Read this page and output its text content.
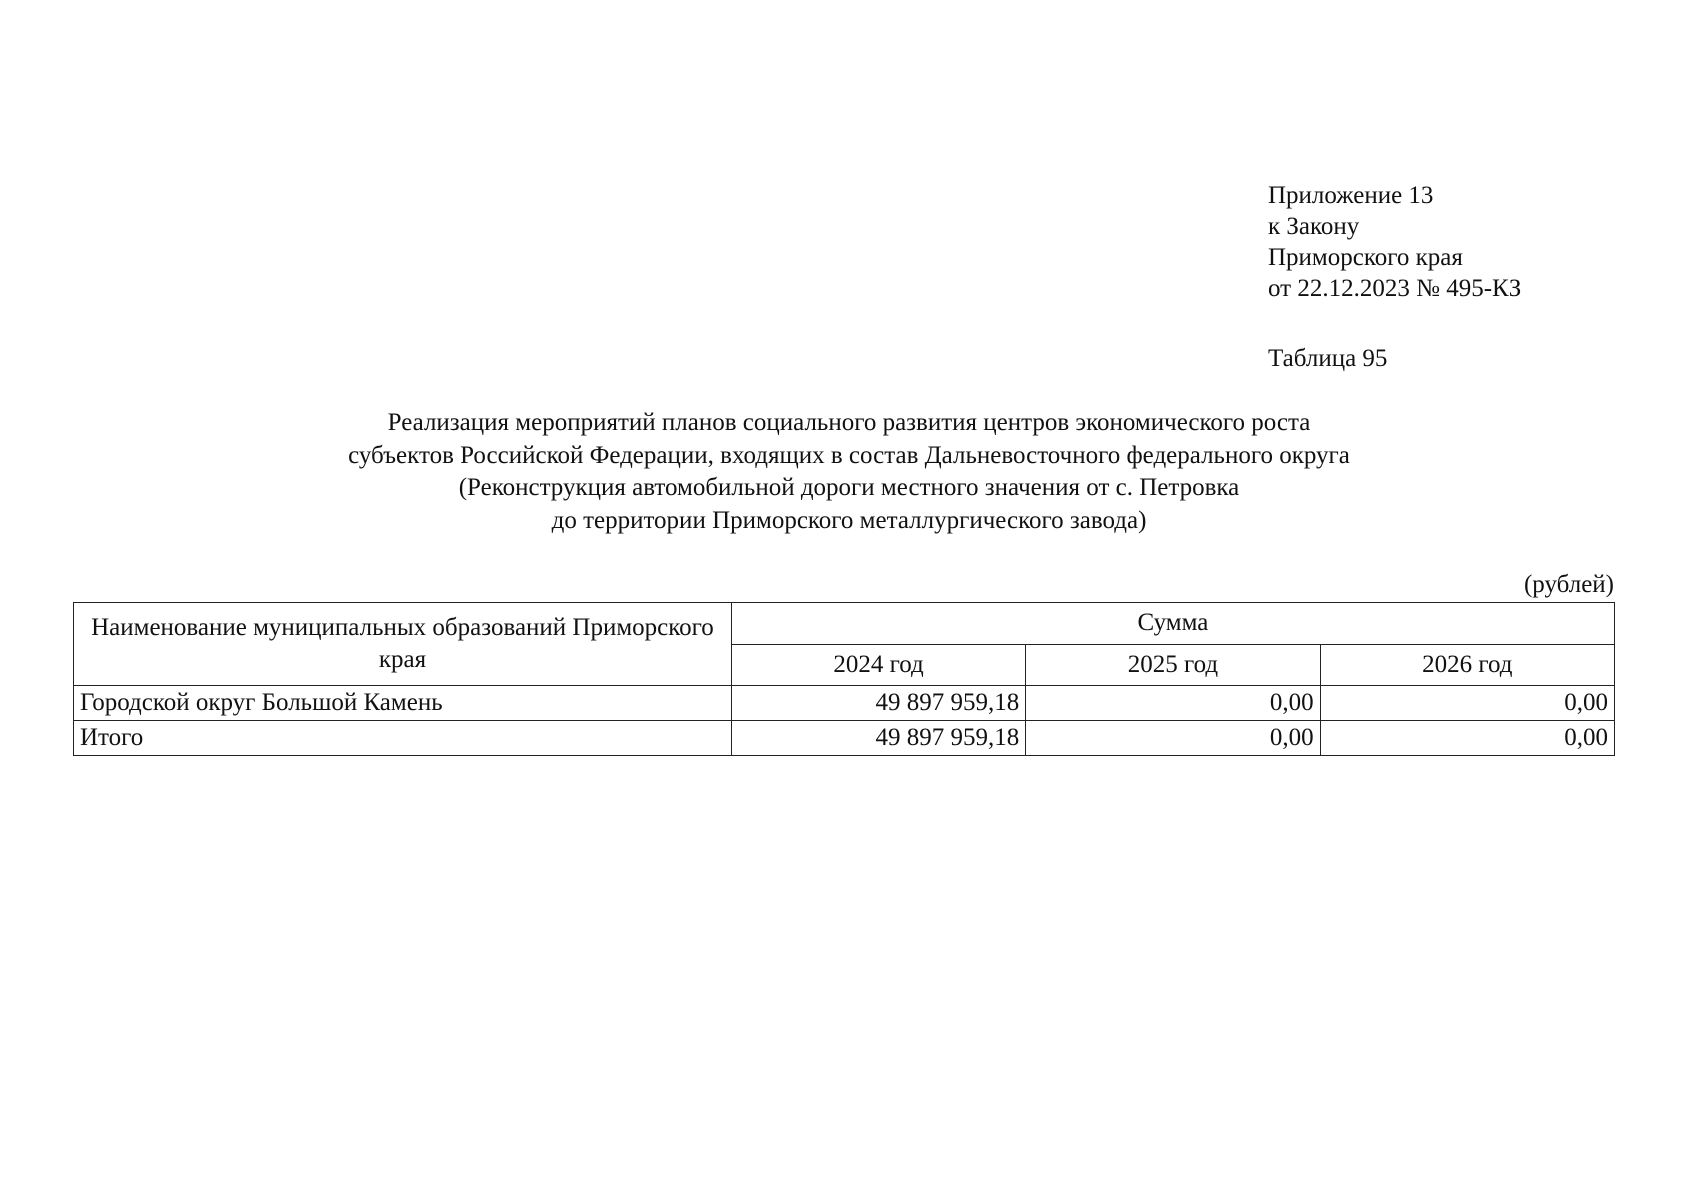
Приложение 13
к Закону
Приморского края
от 22.12.2023 № 495-КЗ
Таблица 95
Реализация мероприятий планов социального развития центров экономического роста
субъектов Российской Федерации, входящих в состав Дальневосточного федерального округа
(Реконструкция автомобильной дороги местного значения от с. Петровка
до территории Приморского металлургического завода)
(рублей)
Наименование муниципальных образований Приморского края	Сумма		
	2024 год	2025 год	2026 год
Городской округ Большой Камень	49 897 959,18	0,00	0,00
Итого	49 897 959,18	0,00	0,00
